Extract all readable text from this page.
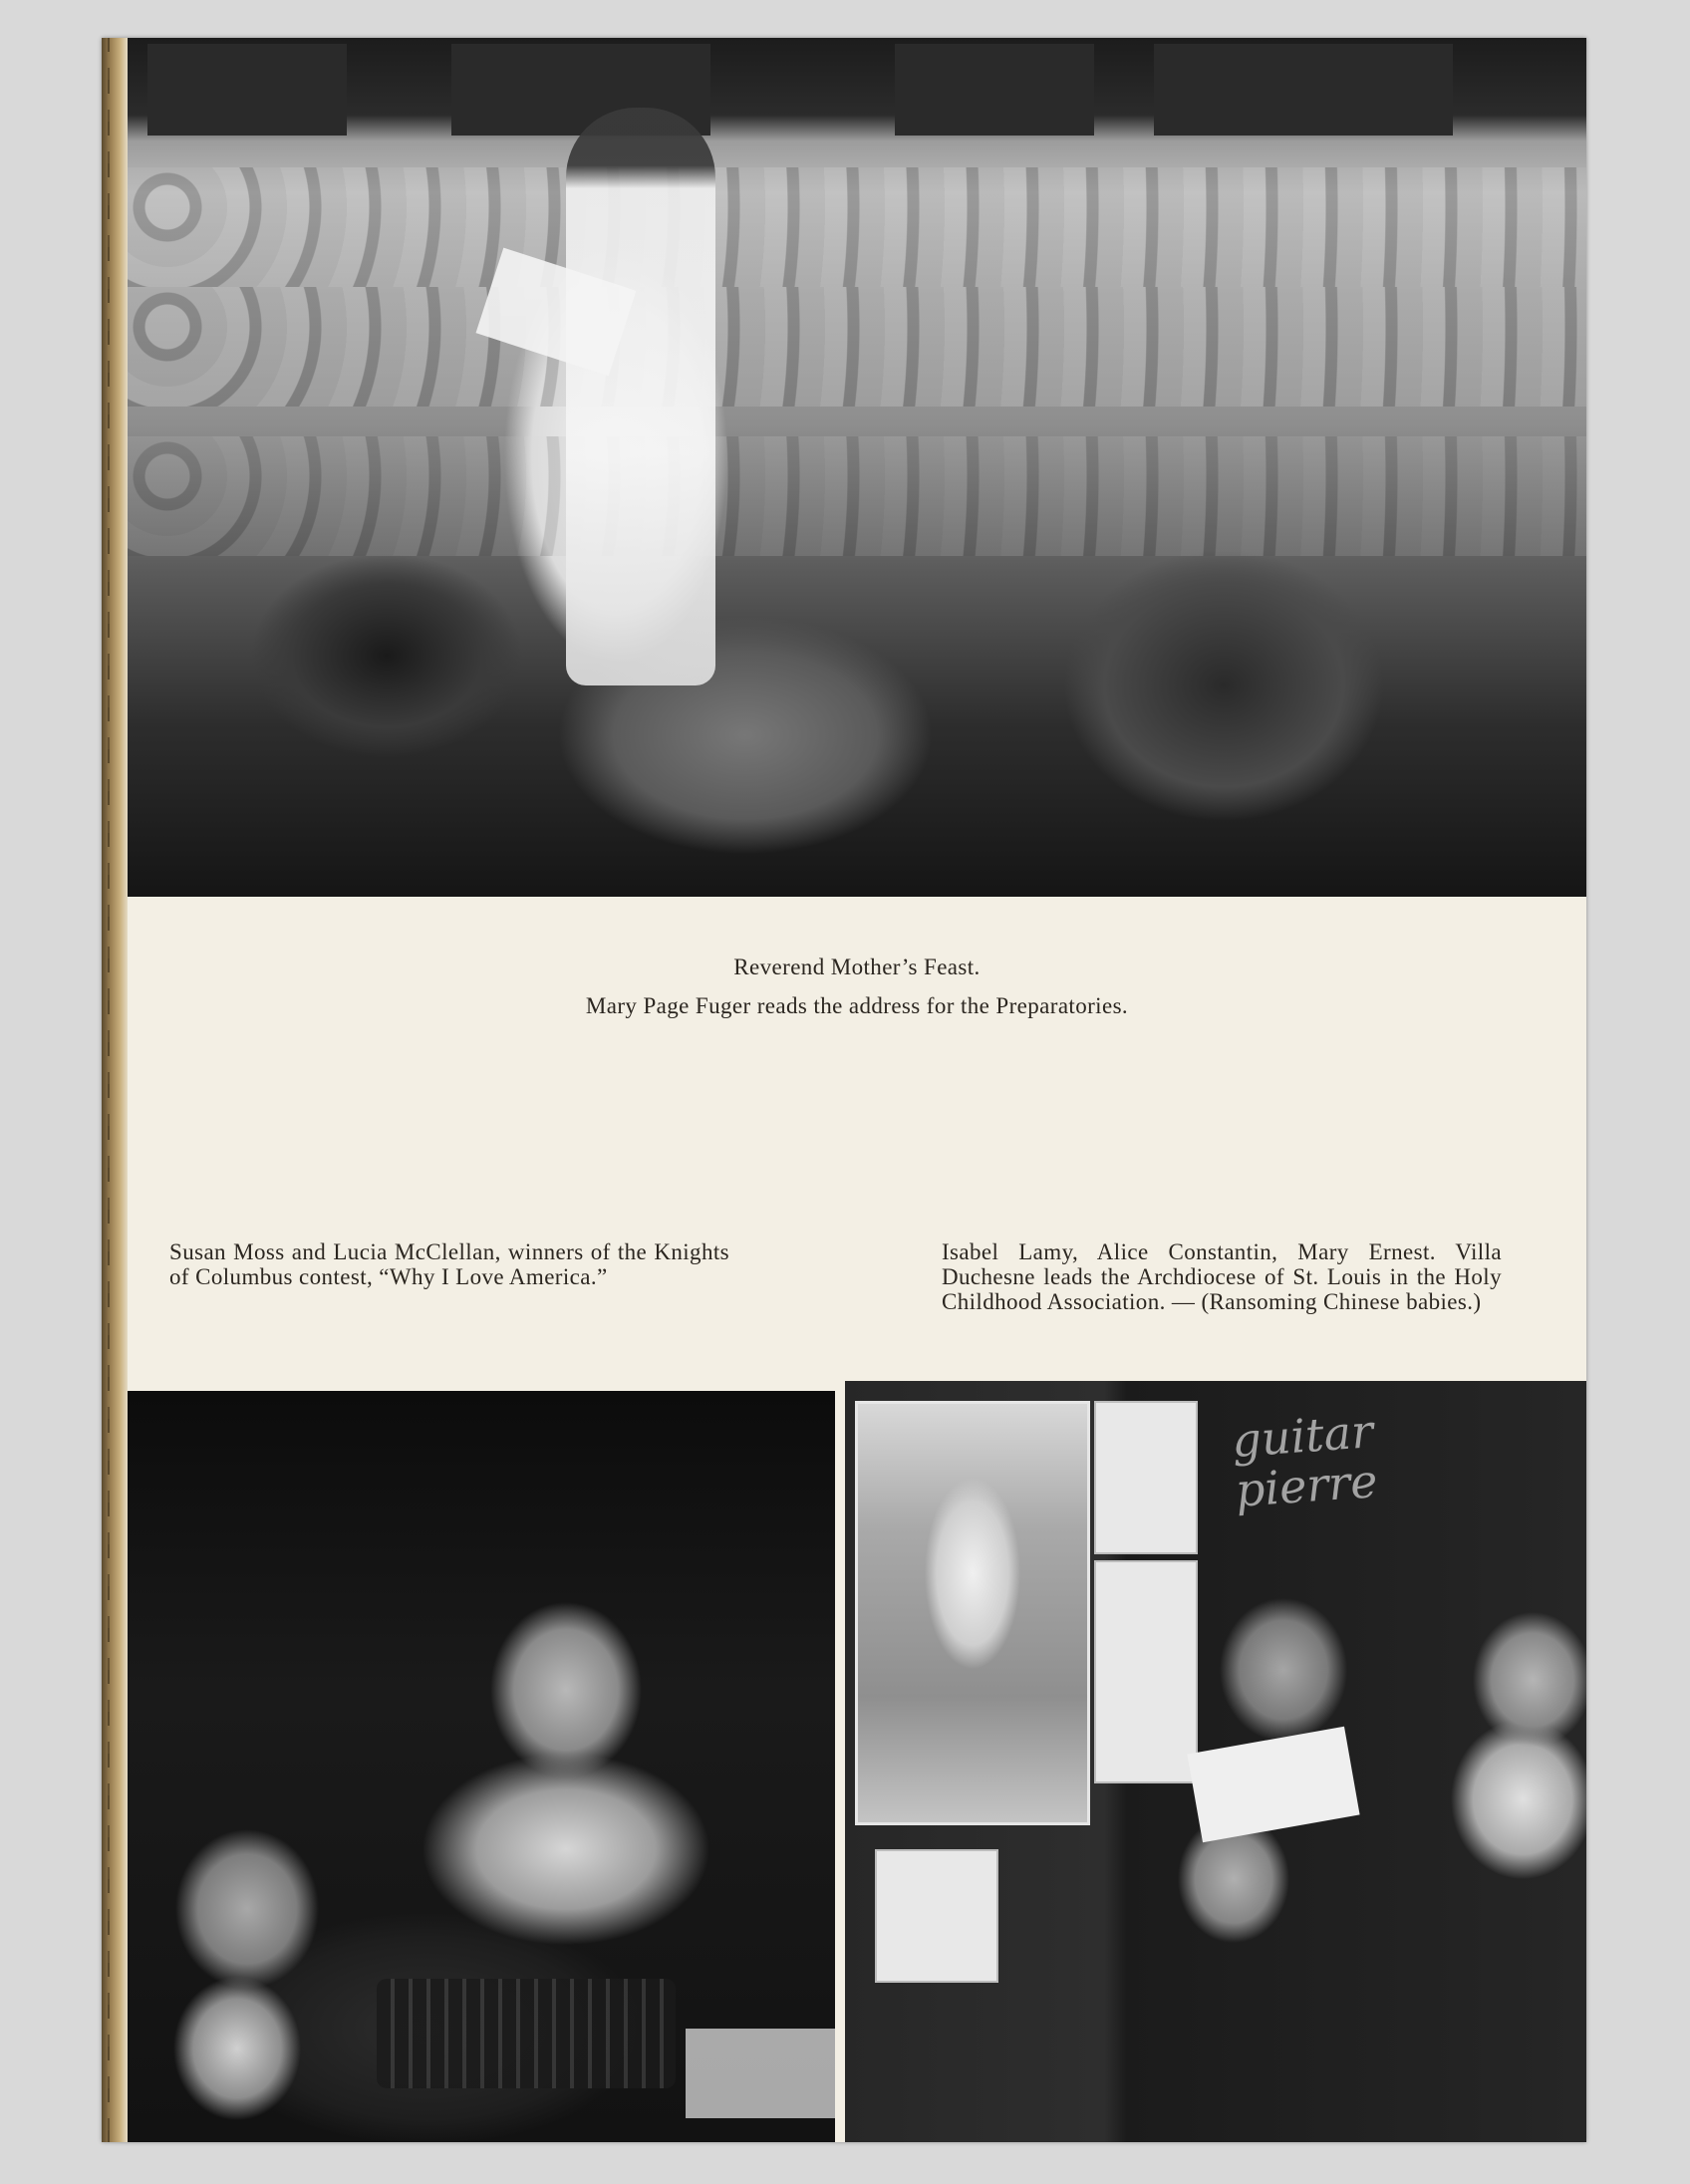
Reverend Mother’s Feast.
Mary Page Fuger reads the address for the Preparatories.
Susan Moss and Lucia McClellan, winners of the Knights of Columbus contest, “Why I Love America.”
Isabel Lamy, Alice Constantin, Mary Ernest. Villa Duchesne leads the Archdiocese of St. Louis in the Holy Childhood Association. — (Ransoming Chinese babies.)
guitar
pierre
